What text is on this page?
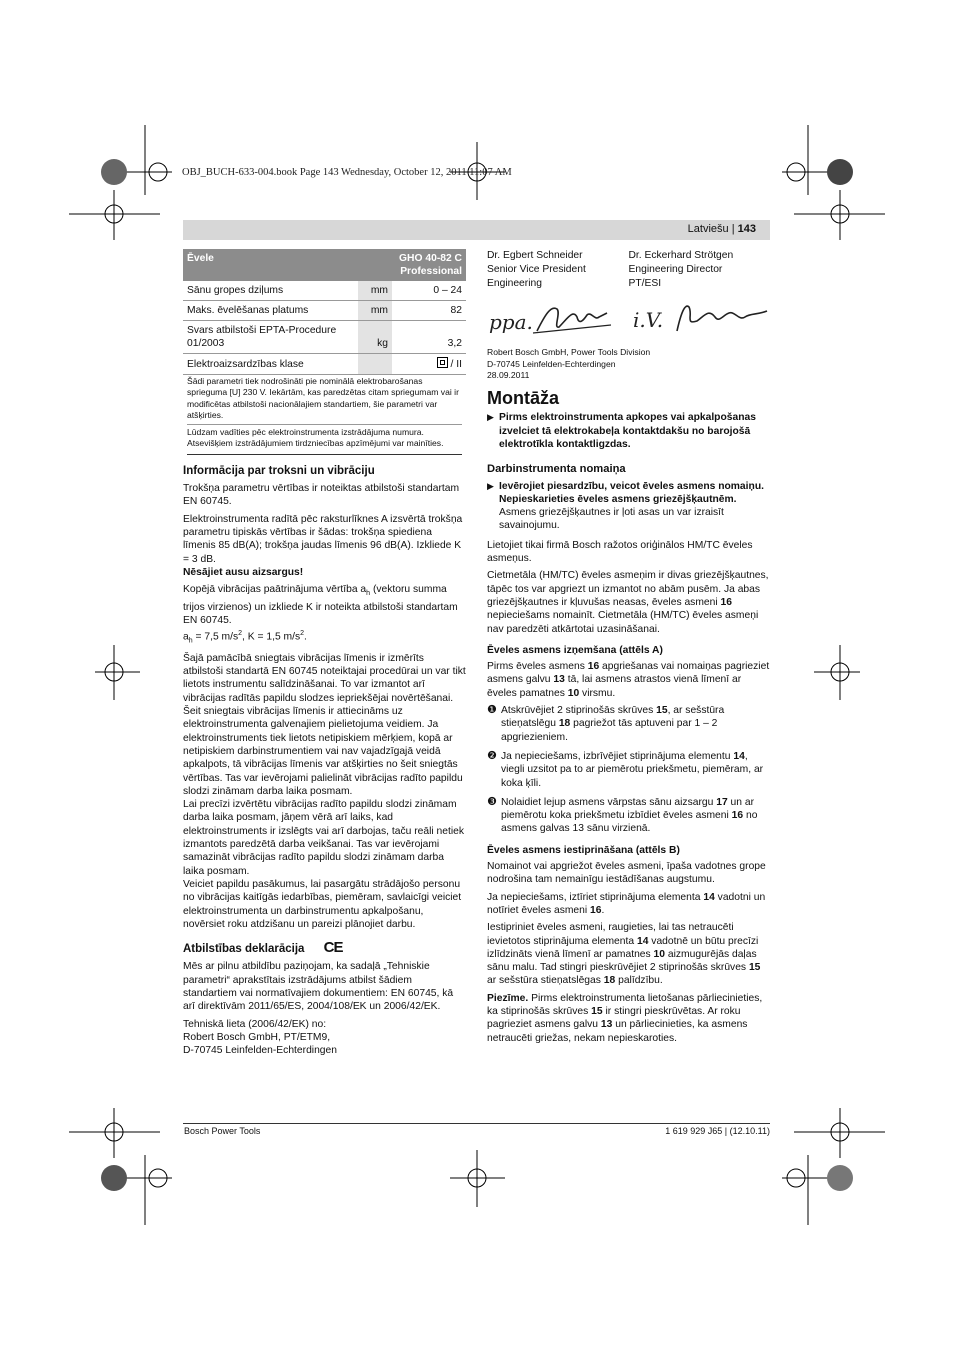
OBJ_BUCH-633-004.book Page 143 Wednesday, October 12, 2011 11:07 AM
Latviešu | 143
Ēvele		GHO 40-82 C
Professional
Sānu gropes dziļums	mm	0 – 24
Maks. ēvelēšanas platums	mm	82
Svars atbilstoši EPTA-Procedure 01/2003	kg	3,2
Elektroaizsardzības klase		/ II
Šādi parametri tiek nodrošināti pie nominālā elektrobarošanas sprieguma [U] 230 V. Iekārtām, kas paredzētas citam spriegumam vai ir modificētas atbilstoši nacionālajiem standartiem, šie parametri var atšķirties.
Lūdzam vadīties pēc elektroinstrumenta izstrādājuma numura. Atsevišķiem izstrādājumiem tirdzniecības apzīmējumi var mainīties.
Informācija par troksni un vibrāciju

Trokšņa parametru vērtības ir noteiktas atbilstoši standartam EN 60745.

Elektroinstrumenta radītā pēc raksturlīknes A izsvērtā trokšņa parametru tipiskās vērtības ir šādas: trokšņa spiediena līmenis 85 dB(A); trokšņa jaudas līmenis 96 dB(A). Izkliede K = 3 dB.

Nēsājiet ausu aizsargus!

Kopējā vibrācijas paātrinājuma vērtība $a_h$ (vektoru summa trijos virzienos) un izkliede K ir noteikta atbilstoši standartam EN 60745.

$a_h = 7,5$ $m/s^2$, K = 1,5 $m/s^2$.

Šajā pamācībā sniegtais vibrācijas līmenis ir izmērīts atbilstoši standartā EN 60745 noteiktajai procedūrai un var tikt lietots instrumentu salīdzināšanai. To var izmantot arī vibrācijas radītās papildu slodzes iepriekšējai novērtēšanai.

Šeit sniegtais vibrācijas līmenis ir attiecināms uz elektroinstrumenta galvenajiem pielietojuma veidiem. Ja elektroinstruments tiek lietots netipiskiem mērķiem, kopā ar netipiskiem darbinstrumentiem vai nav vajadzīgajā veidā apkalpots, tā vibrācijas līmenis var atšķirties no šeit sniegtās vērtības. Tas var ievērojami palielināt vibrācijas radīto papildu slodzi zināmam darba laika posmam.

Lai precīzi izvērtētu vibrācijas radīto papildu slodzi zināmam darba laika posmam, jāņem vērā arī laiks, kad elektroinstruments ir izslēgts vai arī darbojas, taču reāli netiek izmantots paredzētā darba veikšanai. Tas var ievērojami samazināt vibrācijas radīto papildu slodzi zināmam darba laika posmam.

Veiciet papildu pasākumus, lai pasargātu strādājošo personu no vibrācijas kaitīgās iedarbības, piemēram, savlaicīgi veiciet elektroinstrumenta un darbinstrumentu apkalpošanu, novērsiet roku atdzišanu un pareizi plānojiet darbu.

Atbilstības deklarācija CE

Mēs ar pilnu atbildību paziņojam, ka sadaļā „Tehniskie parametri“ aprakstītais izstrādājums atbilst šādiem standartiem vai normatīvajiem dokumentiem: EN 60745, kā arī direktīvām 2011/65/ES, 2004/108/EK un 2006/42/EK.

Tehniskā lieta (2006/42/EK) no:
Robert Bosch GmbH, PT/ETM9,
D-70745 Leinfelden-Echterdingen

Dr. Egbert Schneider
Senior Vice President
Engineering
Dr. Eckerhard Strötgen
Engineering Director
PT/ESI
ppa.	i.V.
Robert Bosch GmbH, Power Tools Division
D-70745 Leinfelden-Echterdingen
28.09.2011
Montāža
▶ Pirms elektroinstrumenta apkopes vai apkalpošanas izvelciet tā elektrokabeļa kontaktdakšu no barojošā elektrotīkla kontaktligzdas.
Darbinstrumenta nomaiņa
▶ Ievērojiet piesardzību, veicot ēveles asmens nomaiņu. Nepieskarieties ēveles asmens griezējšķautnēm. Asmens griezējšķautnes ir ļoti asas un var izraisīt savainojumu.

Lietojiet tikai firmā Bosch ražotos oriģinālos HM/TC ēveles asmeņus.

Cietmetāla (HM/TC) ēveles asmeņim ir divas griezējšķautnes, tāpēc tos var apgriezt un izmantot no abām pusēm. Ja abas griezējšķautnes ir kļuvušas neasas, ēveles asmeni 16 nepieciešams nomainīt. Cietmetāla (HM/TC) ēveles asmeņi nav paredzēti atkārtotai uzasināšanai.

Ēveles asmens izņemšana (attēls A)

Pirms ēveles asmens 16 apgriešanas vai nomaiņas pagrieziet asmens galvu 13 tā, lai asmens atrastos vienā līmenī ar ēveles pamatnes 10 virsmu.

❶ Atskrūvējiet 2 stiprinošās skrūves 15, ar sešstūra stieņatslēgu 18 pagriežot tās aptuveni par 1 – 2 apgriezieniem.
❷ Ja nepieciešams, izbrīvējiet stiprinājuma elementu 14, viegli uzsitot pa to ar piemērotu priekšmetu, piemēram, ar koka ķīli.
❸ Nolaidiet lejup asmens vārpstas sānu aizsargu 17 un ar piemērotu koka priekšmetu izbīdiet ēveles asmeni 16 no asmens galvas 13 sānu virzienā.
Ēveles asmens iestiprināšana (attēls B)

Nomainot vai apgriežot ēveles asmeni, īpaša vadotnes grope nodrošina tam nemainīgu iestādīšanas augstumu.

Ja nepieciešams, iztīriet stiprinājuma elementa 14 vadotni un notīriet ēveles asmeni 16.

Iestipriniet ēveles asmeni, raugieties, lai tas netraucēti ievietotos stiprinājuma elementa 14 vadotnē un būtu precīzi izlīdzināts vienā līmenī ar pamatnes 10 aizmugurējās daļas sānu malu. Tad stingri pieskrūvējiet 2 stiprinošās skrūves 15 ar sešstūra stieņatslēgas 18 palīdzību.

Piezīme. Pirms elektroinstrumenta lietošanas pārliecinieties, ka stiprinošās skrūves 15 ir stingri pieskrūvētas. Ar roku pagrieziet asmens galvu 13 un pārliecinieties, ka asmens netraucēti griežas, nekam nepieskaroties.

Bosch Power Tools	1 619 929 J65 | (12.10.11)
